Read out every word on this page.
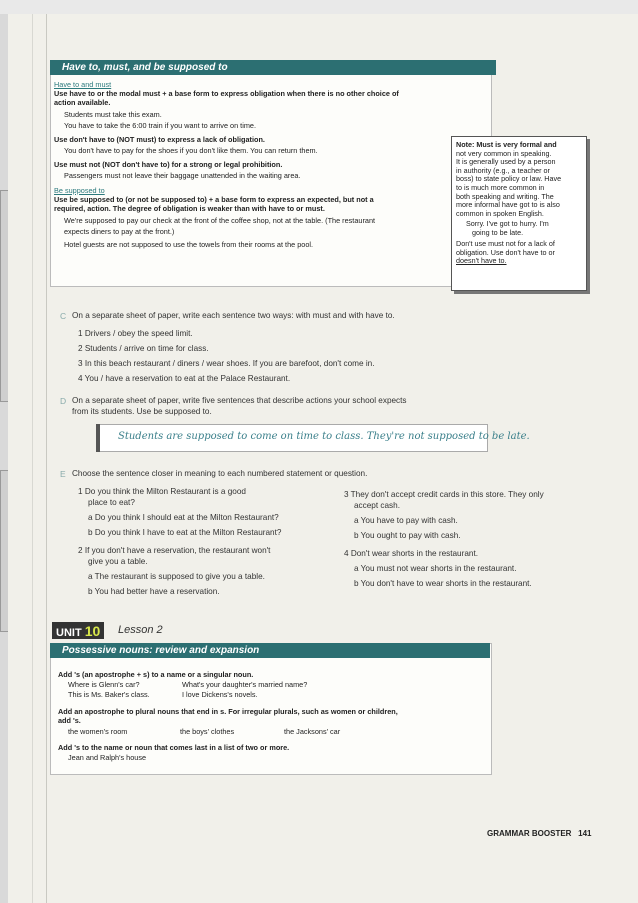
Have to, must, and be supposed to
Have to and must
Use have to or the modal must + a base form to express obligation when there is no other choice of
action available.
Students must take this exam.
You have to take the 6:00 train if you want to arrive on time.
Use don't have to (NOT must) to express a lack of obligation.
You don't have to pay for the shoes if you don't like them. You can return them.
Use must not (NOT don't have to) for a strong or legal prohibition.
Passengers must not leave their baggage unattended in the waiting area.
Be supposed to
Use be supposed to (or not be supposed to) + a base form to express an expected, but not a
required, action. The degree of obligation is weaker than with have to or must.
We're supposed to pay our check at the front of the coffee shop, not at the table. (The restaurant
expects diners to pay at the front.)
Hotel guests are not supposed to use the towels from their rooms at the pool.
Note: Must is very formal and
not very common in speaking.
It is generally used by a person
in authority (e.g., a teacher or
boss) to state policy or law. Have
to is much more common in
both speaking and writing. The
more informal have got to is also
common in spoken English.
Sorry. I've got to hurry. I'm
going to be late.
Don't use must not for a lack of
obligation. Use don't have to or
doesn't have to.
C On a separate sheet of paper, write each sentence two ways: with must and with have to.
1 Drivers / obey the speed limit.
2 Students / arrive on time for class.
3 In this beach restaurant / diners / wear shoes. If you are barefoot, don't come in.
4 You / have a reservation to eat at the Palace Restaurant.
D On a separate sheet of paper, write five sentences that describe actions your school expects
from its students. Use be supposed to.
Students are supposed to come on time to class. They're not supposed to be late.
E Choose the sentence closer in meaning to each numbered statement or question.
1 Do you think the Milton Restaurant is a good
place to eat?
a Do you think I should eat at the Milton Restaurant?
b Do you think I have to eat at the Milton Restaurant?
2 If you don't have a reservation, the restaurant won't
give you a table.
a The restaurant is supposed to give you a table.
b You had better have a reservation.
3 They don't accept credit cards in this store. They only
accept cash.
a You have to pay with cash.
b You ought to pay with cash.
4 Don't wear shorts in the restaurant.
a You must not wear shorts in the restaurant.
b You don't have to wear shorts in the restaurant.
UNIT 10	Lesson 2
Possessive nouns: review and expansion
Add 's (an apostrophe + s) to a name or a singular noun.
Where is Glenn's car?	What's your daughter's married name?
This is Ms. Baker's class.	I love Dickens's novels.
Add an apostrophe to plural nouns that end in s. For irregular plurals, such as women or children,
add 's.
the women's room	the boys' clothes	the Jacksons' car
Add 's to the name or noun that comes last in a list of two or more.
Jean and Ralph's house
GRAMMAR BOOSTER 141
